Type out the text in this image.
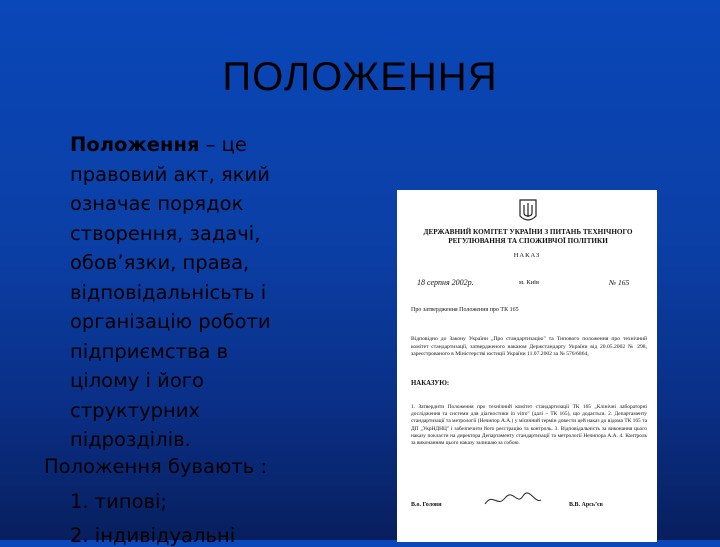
ПОЛОЖЕННЯ
Положення – це
правовий акт, який
означає порядок
створення, задачі,
обов’язки, права,
відповідальнісьть і
організацію роботи
підприємства в
цілому і його
структурних
підрозділів.
Положення бувають :
1. типові;
2. індивідуальні
ДЕРЖАВНИЙ КОМІТЕТ УКРАЇНИ З ПИТАНЬ ТЕХНІЧНОГО РЕГУЛЮВАННЯ ТА СПОЖИВЧОЇ ПОЛІТИКИ
НАКАЗ
18 серпня 2002р.	м. Київ	№ 165
Про затвердження Положення про ТК 165
Відповідно до Закону України „Про стандартизацію" та Типового положення про технічний комітет стандартизації, затвердженого наказом Держстандарту України від 20.05.2002 № 298, зареєстрованого в Міністерстві юстиції України 11.07.2002 за № 576/6864,
НАКАЗУЮ:
1. Затвердити Положення про технічний комітет стандартизації ТК 165 „Клінічні лабораторні досліджeння та системи для діагностики in vitro" (далі – ТК 165), що додається. 2. Департаменту стандартизації та метрології (Нечипор А.А.) у місячний термін довести цей наказ до відома ТК 165 та ДП „УкрНДНЦ" і забезпечити його реєстрацію та контроль. 3. Відповідальність за виконання цього наказу покласти на директора Департаменту стандартизації та метрології Нечипора А.А. 4. Контроль за виконанням цього наказу залишаю за собою.
В.о. Голови	В.В. Арсь’єв
